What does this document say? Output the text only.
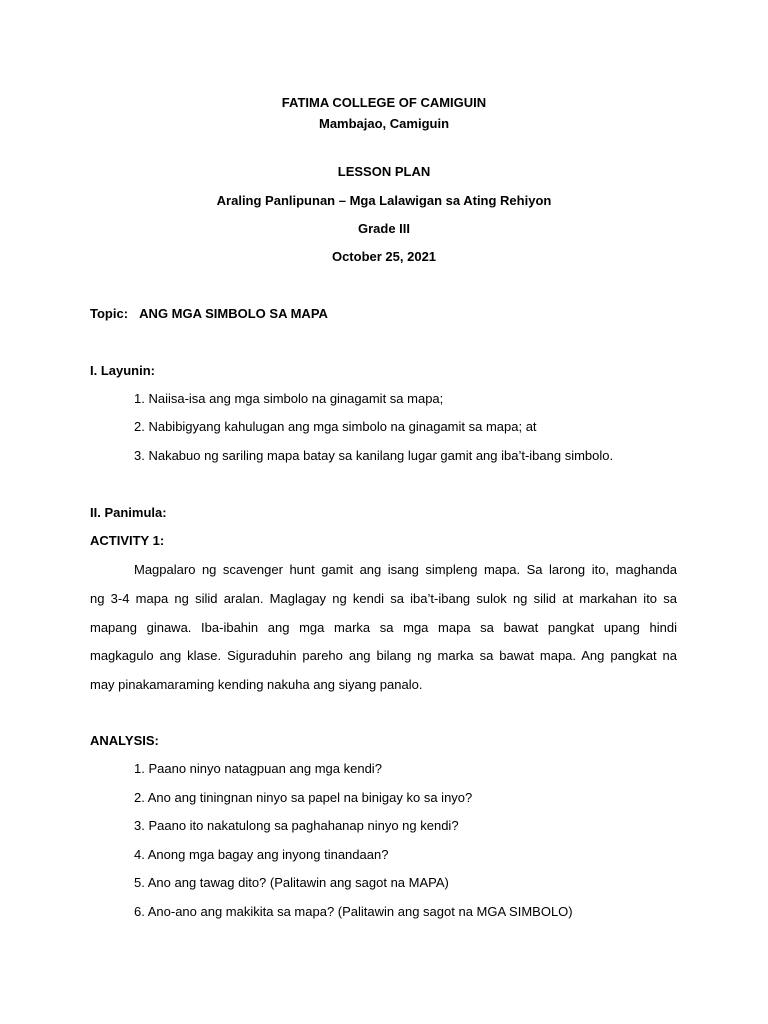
FATIMA COLLEGE OF CAMIGUIN
Mambajao, Camiguin
LESSON PLAN
Araling Panlipunan – Mga Lalawigan sa Ating Rehiyon
Grade III
October 25, 2021
Topic: ANG MGA SIMBOLO SA MAPA
I. Layunin:
1. Naiisa-isa ang mga simbolo na ginagamit sa mapa;
2. Nabibigyang kahulugan ang mga simbolo na ginagamit sa mapa; at
3. Nakabuo ng sariling mapa batay sa kanilang lugar gamit ang iba’t-ibang simbolo.
II. Panimula:
ACTIVITY 1:
Magpalaro ng scavenger hunt gamit ang isang simpleng mapa. Sa larong ito, maghanda
ng 3-4 mapa ng silid aralan. Maglagay ng kendi sa iba’t-ibang sulok ng silid at markahan ito sa
mapang ginawa. Iba-ibahin ang mga marka sa mga mapa sa bawat pangkat upang hindi
magkagulo ang klase. Siguraduhin pareho ang bilang ng marka sa bawat mapa. Ang pangkat na
may pinakamaraming kending nakuha ang siyang panalo.
ANALYSIS:
1. Paano ninyo natagpuan ang mga kendi?
2. Ano ang tiningnan ninyo sa papel na binigay ko sa inyo?
3. Paano ito nakatulong sa paghahanap ninyo ng kendi?
4. Anong mga bagay ang inyong tinandaan?
5. Ano ang tawag dito? (Palitawin ang sagot na MAPA)
6. Ano-ano ang makikita sa mapa? (Palitawin ang sagot na MGA SIMBOLO)
